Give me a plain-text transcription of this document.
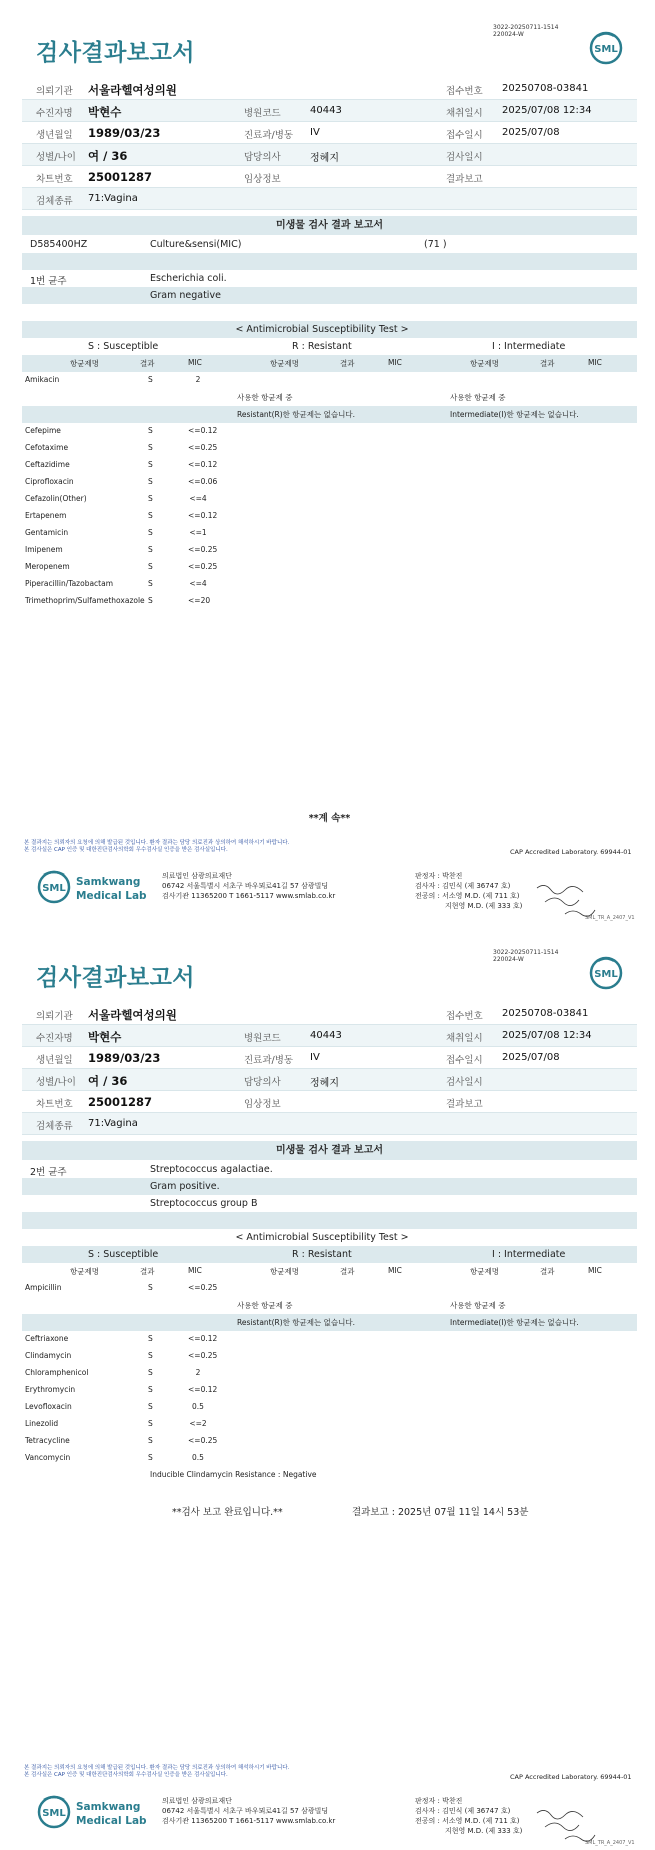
3022-20250711-1514
220024-W
검사결과보고서	SML
의뢰기관 서울라헬여성의원	접수번호 20250708-03841
수진자명 박현수	병원코드	40443	채취일시 2025/07/08 12:34
생년월일 1989/03/23	진료과/병동 IV	접수일시 2025/07/08
성별/나이 여 / 36	담당의사	정혜지	검사일시
차트번호 25001287	임상정보	결과보고
검체종류 71:Vagina
미생물 검사 결과 보고서
D585400HZ	Culture&sensi(MIC)	(71 )
1번 균주	Escherichia coli.
Gram negative
< Antimicrobial Susceptibility Test >
S : Susceptible	R : Resistant	I : Intermediate
항균제명	결과	MIC	항균제명	결과	MIC	항균제명	결과	MIC
Amikacin	S	2
Cefepime	S	<=0.12
Cefotaxime	S	<=0.25
Ceftazidime	S	<=0.12
Ciprofloxacin	S	<=0.06
Cefazolin(Other)	S	<=4
Ertapenem	S	<=0.12
Gentamicin	S	<=1
Imipenem	S	<=0.25
Meropenem	S	<=0.25
Piperacillin/Tazobactam	S	<=4
Trimethoprim/Sulfamethoxazole S	<=20
사용한 항균제 중	사용한 항균제 중
Resistant(R)한 항균제는 없습니다.	Intermediate(I)한 항균제는 없습니다.
**계 속**
본 결과지는 의뢰자의 요청에 의해 발급된 것입니다. 환자 결과는 담당 의료진과 상의하여 해석하시기 바랍니다.
본 검사실은 CAP 인증 및 대한진단검사의학회 우수검사실 인증을 받은 검사실입니다.	CAP Accredited Laboratory. 69944-01
SML
Samkwang
Medical Lab
의료법인 삼광의료재단
06742 서울특별시 서초구 바우뫼로41길 57 삼광빌딩
검사기관 11365200 T 1661-5117 www.smlab.co.kr
판정자 : 박찬진
검사자 : 김민식 (제 36747 호)
전공의 : 서소영 M.D. (제 711 호)
지현영 M.D. (제 333 호)
SML_TR_A_2407_V1
3022-20250711-1514
220024-W
검사결과보고서	SML
의뢰기관 서울라헬여성의원	접수번호 20250708-03841
수진자명 박현수	병원코드	40443	채취일시 2025/07/08 12:34
생년월일 1989/03/23	진료과/병동 IV	접수일시 2025/07/08
성별/나이 여 / 36	담당의사	정혜지	검사일시
차트번호 25001287	임상정보	결과보고
검체종류 71:Vagina
미생물 검사 결과 보고서
2번 균주	Streptococcus agalactiae.
Gram positive.
Streptococcus group B
< Antimicrobial Susceptibility Test >
S : Susceptible	R : Resistant	I : Intermediate
항균제명	결과	MIC	항균제명	결과	MIC	항균제명	결과	MIC
Ampicillin	S	<=0.25
Ceftriaxone	S	<=0.12
Clindamycin	S	<=0.25
Chloramphenicol	S	2
Erythromycin	S	<=0.12
Levofloxacin	S	0.5
Linezolid	S	<=2
Tetracycline	S	<=0.25
Vancomycin	S	0.5
사용한 항균제 중	사용한 항균제 중
Resistant(R)한 항균제는 없습니다.	Intermediate(I)한 항균제는 없습니다.
Inducible Clindamycin Resistance : Negative
**검사 보고 완료입니다.**	결과보고 : 2025년 07월 11일 14시 53분
본 결과지는 의뢰자의 요청에 의해 발급된 것입니다. 환자 결과는 담당 의료진과 상의하여 해석하시기 바랍니다.
본 검사실은 CAP 인증 및 대한진단검사의학회 우수검사실 인증을 받은 검사실입니다.	CAP Accredited Laboratory. 69944-01
SML
Samkwang
Medical Lab
의료법인 삼광의료재단
06742 서울특별시 서초구 바우뫼로41길 57 삼광빌딩
검사기관 11365200 T 1661-5117 www.smlab.co.kr
판정자 : 박찬진
검사자 : 김민식 (제 36747 호)
전공의 : 서소영 M.D. (제 711 호)
지현영 M.D. (제 333 호)
SML_TR_A_2407_V1
